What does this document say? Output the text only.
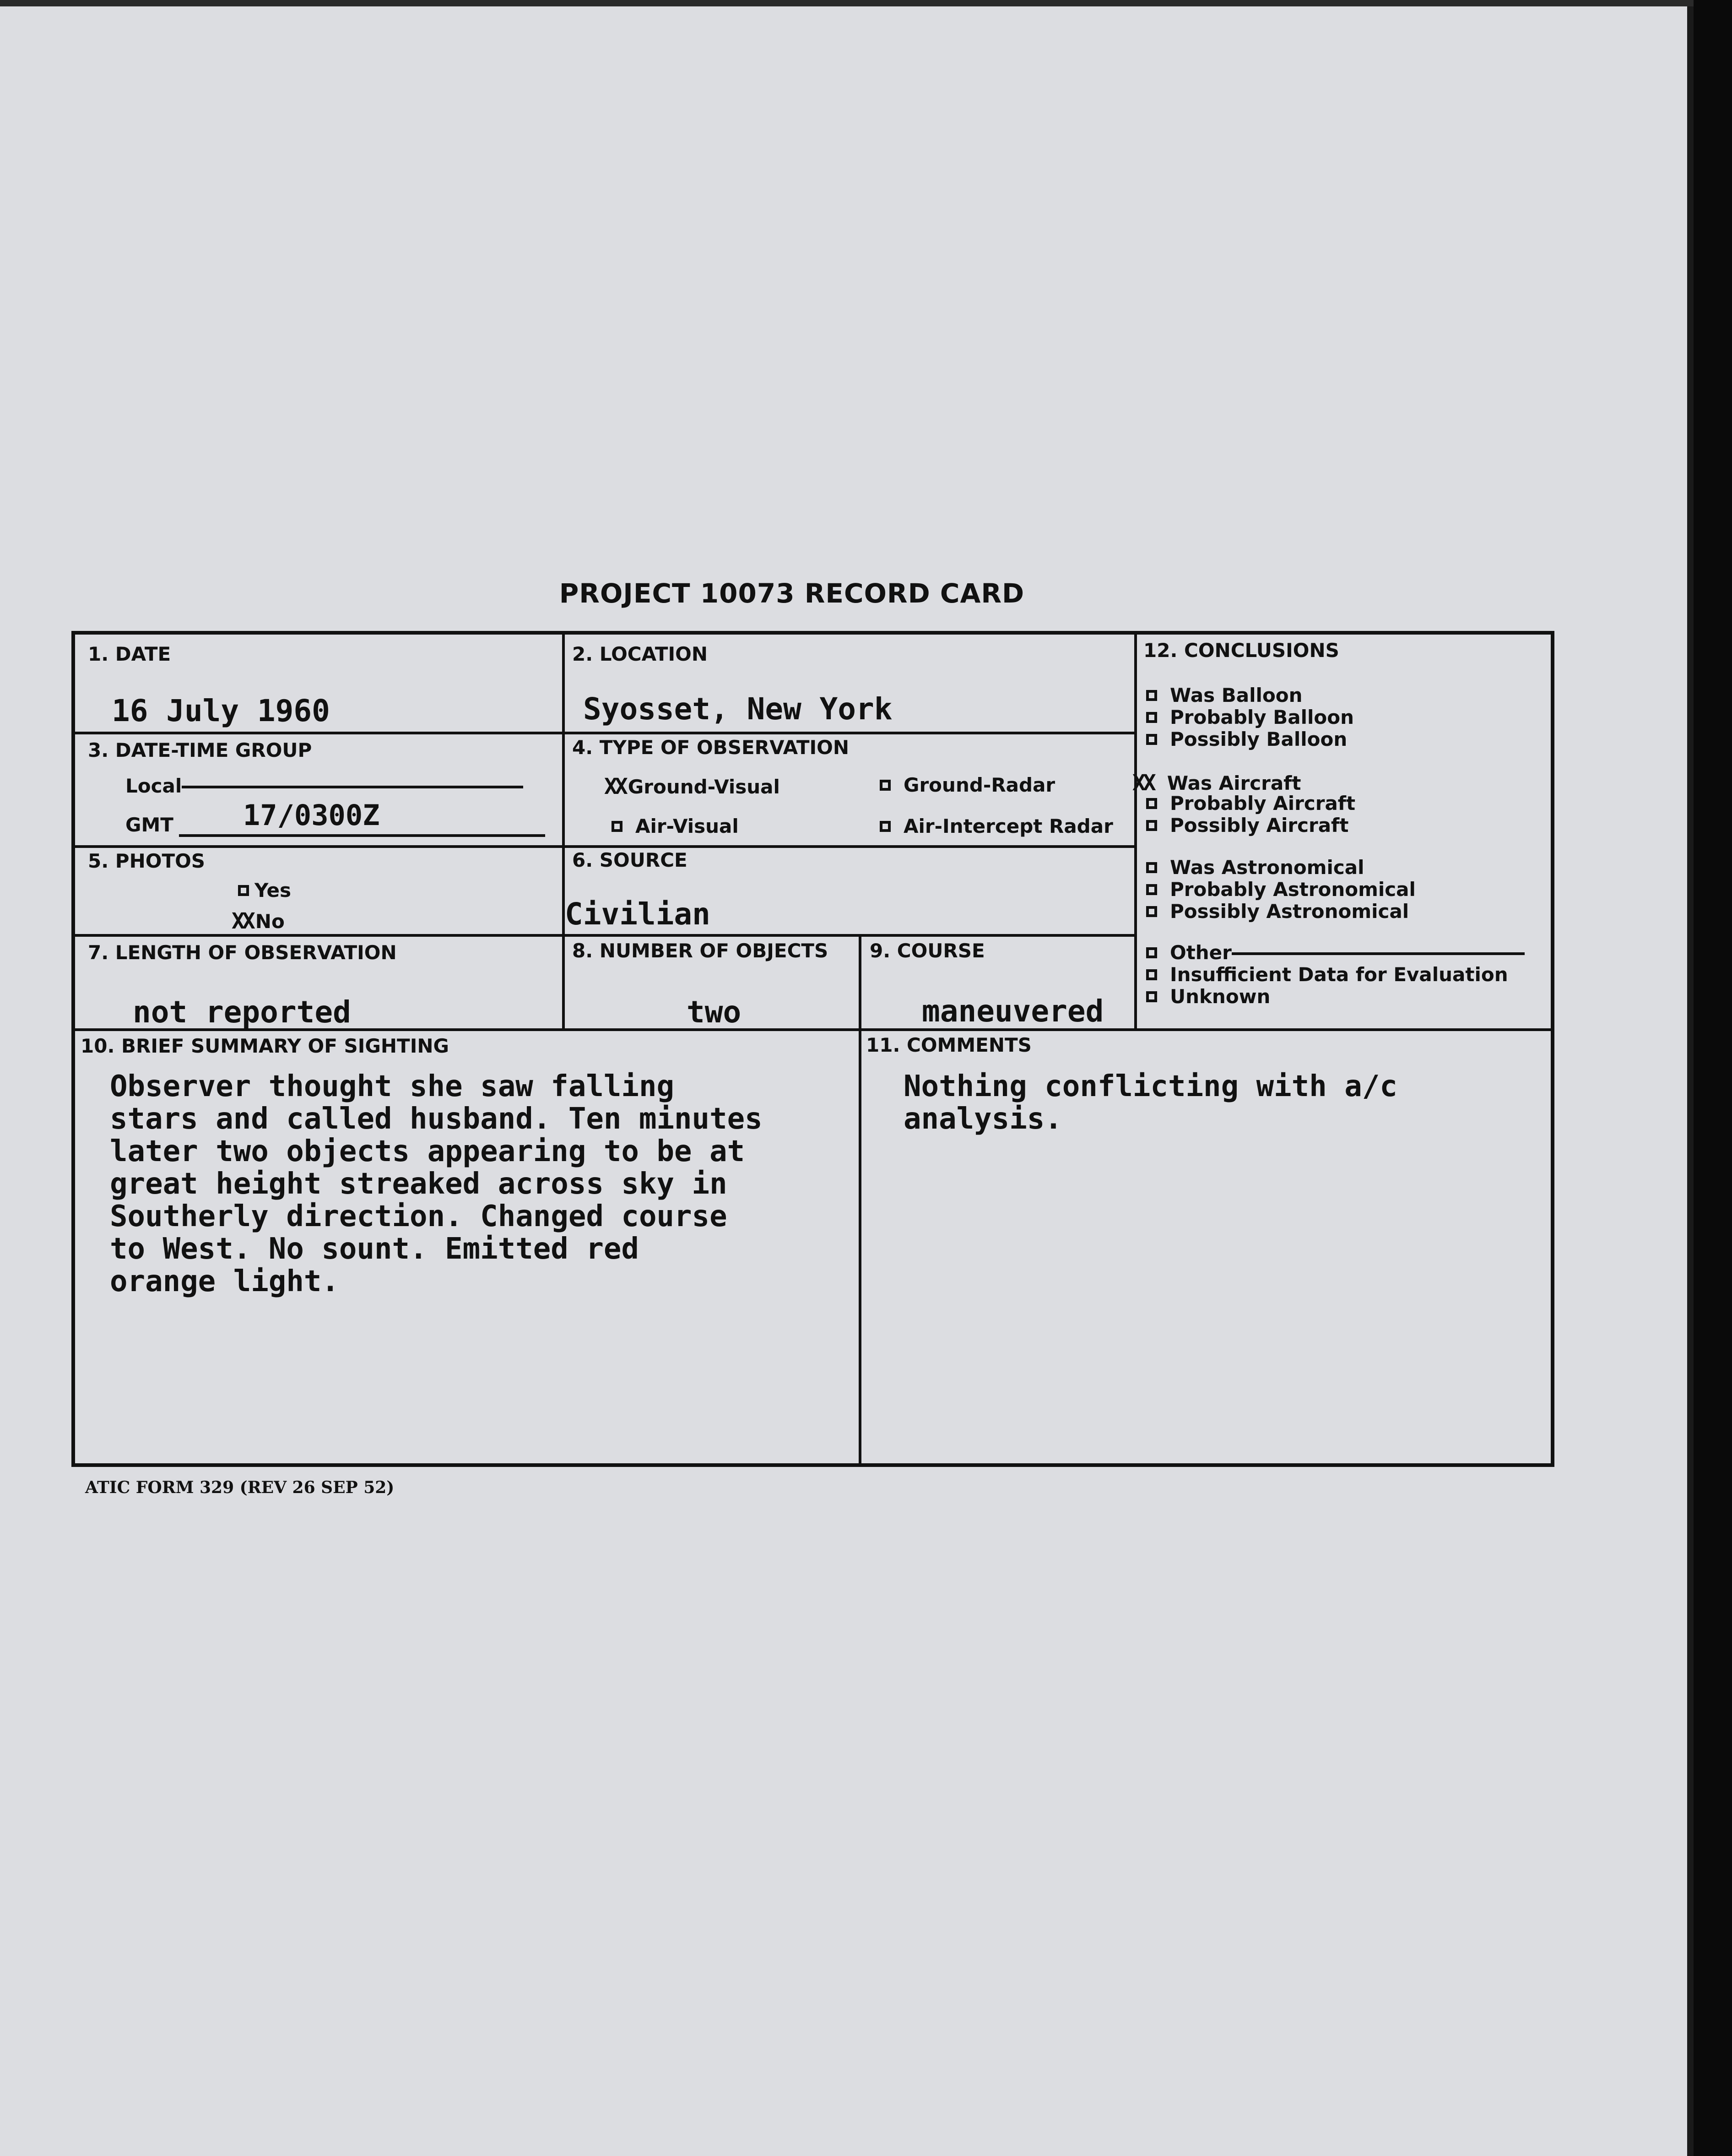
PROJECT 10073 RECORD CARD
1. DATE
16 July 1960
2. LOCATION
Syosset, New York
3. DATE-TIME GROUP
Local
GMT 17/0300Z
4. TYPE OF OBSERVATION
XX Ground-Visual	Ground-Radar
Air-Visual	Air-Intercept Radar
5. PHOTOS
Yes
XX No
6. SOURCE
Civilian
7. LENGTH OF OBSERVATION
not reported
8. NUMBER OF OBJECTS
two
9. COURSE
maneuvered
10. BRIEF SUMMARY OF SIGHTING
Observer thought she saw falling
stars and called husband. Ten minutes
later two objects appearing to be at
great height streaked across sky in
Southerly direction. Changed course
to West. No sount. Emitted red
orange light.
11. COMMENTS
Nothing conflicting with a/c
analysis.
12. CONCLUSIONS
Was Balloon
Probably Balloon
Possibly Balloon
XX Was Aircraft
Probably Aircraft
Possibly Aircraft
Was Astronomical
Probably Astronomical
Possibly Astronomical
Other
Insufficient Data for Evaluation
Unknown
ATIC FORM 329 (REV 26 SEP 52)
